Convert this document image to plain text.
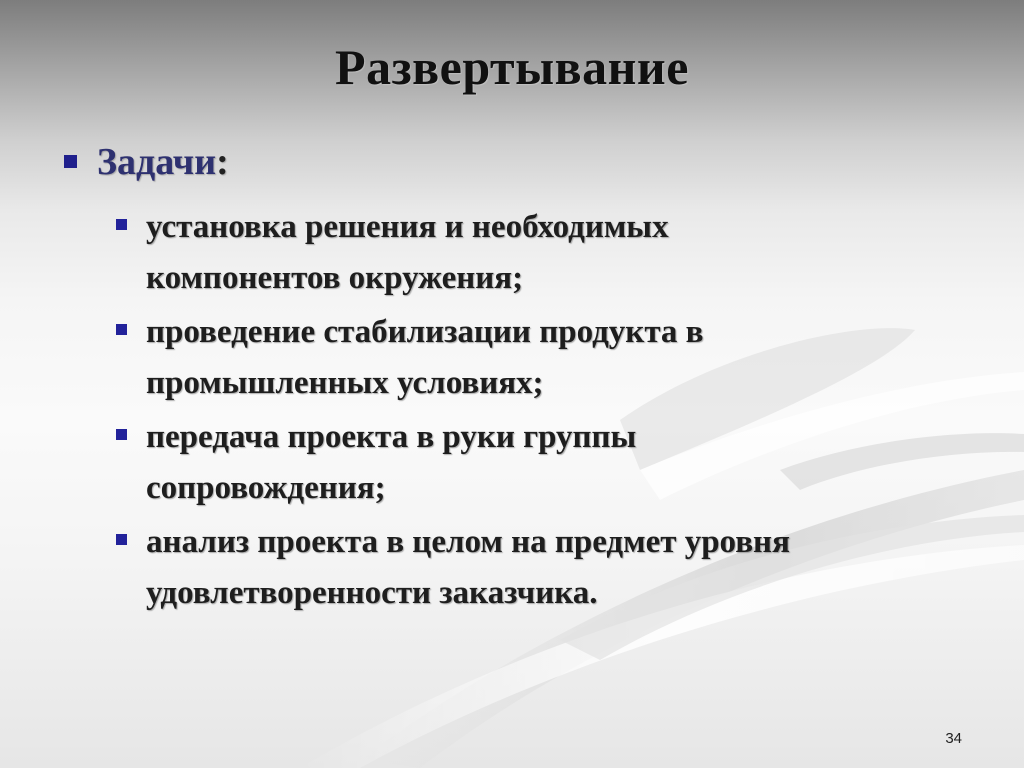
Развертывание
Задачи:
установка решения и необходимых
компонентов окружения;
проведение стабилизации продукта в
промышленных условиях;
передача проекта в руки группы
сопровождения;
анализ проекта в целом на предмет уровня
удовлетворенности заказчика.
34
